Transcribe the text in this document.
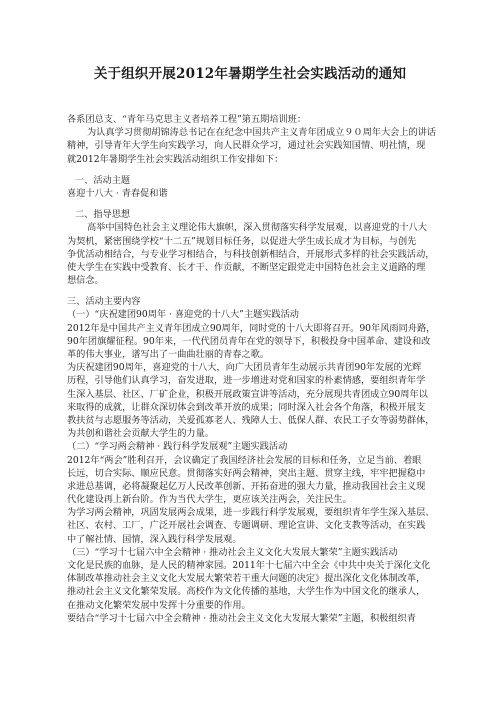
关于组织开展2012年暑期学生社会实践活动的通知
各系团总支、“青年马克思主义者培养工程”第五期培训班：
为认真学习贯彻胡锦涛总书记在在纪念中国共产主义青年团成立９０周年大会上的讲话
精神，引导青年大学生向实践学习，向人民群众学习，通过社会实践知国情、明社情，现
就2012年暑期学生社会实践活动组织工作安排如下：
一、活动主题
喜迎十八大 · 青春促和谐
二、指导思想
高举中国特色社会主义理论伟大旗帜，深入贯彻落实科学发展观，以喜迎党的十八大
为契机，紧密围绕学校“十二五”规划目标任务，以促进大学生成长成才为目标，与创先
争优活动相结合，与专业学习相结合，与科技创新相结合，开展形式多样的社会实践活动，
使大学生在实践中受教育、长才干、作贡献，不断坚定跟党走中国特色社会主义道路的理
想信念。
三、活动主要内容
（一）“庆祝建团90周年 · 喜迎党的十八大”主题实践活动
2012年是中国共产主义青年团成立90周年，同时党的十八大即将召开。90年风雨同舟路，
90年团旗耀征程。90年来，一代代团员青年在党的领导下，积极投身中国革命、建设和改
革的伟大事业，谱写出了一曲曲壮丽的青春之歌。
为庆祝建团90周年，喜迎党的十八大，向广大团员青年生动展示共青团90年发展的光辉
历程，引导他们认真学习，奋发进取，进一步增进对党和国家的朴素情感，要组织青年学
生深入基层、社区、厂矿企业，积极开展政策宣讲等活动，充分展现共青团成立90周年以
来取得的成就，让群众深切体会到改革开放的成果；同时深入社会各个角落，积极开展支
教扶贫与志愿服务等活动，关爱孤寡老人、残障人士、低保人群、农民工子女等弱势群体，
为共创和谐社会贡献大学生的力量。
（二）“学习两会精神 · 践行科学发展观”主题实践活动
2012年“两会”胜利召开，会议确定了我国经济社会发展的目标和任务，立足当前、着眼
长远，切合实际、顺应民意。贯彻落实好两会精神，突出主题、贯穿主线，牢牢把握稳中
求进总基调，必将凝聚起亿万人民改革创新、开拓奋进的强大力量，推动我国社会主义现
代化建设再上新台阶。作为当代大学生，更应该关注两会，关注民生。
为学习两会精神，巩固发展两会成果，进一步践行科学发展观，要组织青年学生深入基层、
社区、农村、工厂，广泛开展社会调查、专题调研、理论宣讲、文化支教等活动，在实践
中了解社情、国情，深入践行科学发展观。
（三）“学习十七届六中全会精神 · 推动社会主义文化大发展大繁荣”主题实践活动
文化是民族的血脉，是人民的精神家园。2011年十七届六中全会《中共中央关于深化文化
体制改革推动社会主义文化大发展大繁荣若干重大问题的决定》提出深化文化体制改革，
推动社会主义文化繁荣发展。高校作为文化传播的基地，大学生作为中国文化的继承人，
在推动文化繁荣发展中发挥十分重要的作用。
要结合“学习十七届六中全会精神 · 推动社会主义文化大发展大繁荣”主题，积极组织青
